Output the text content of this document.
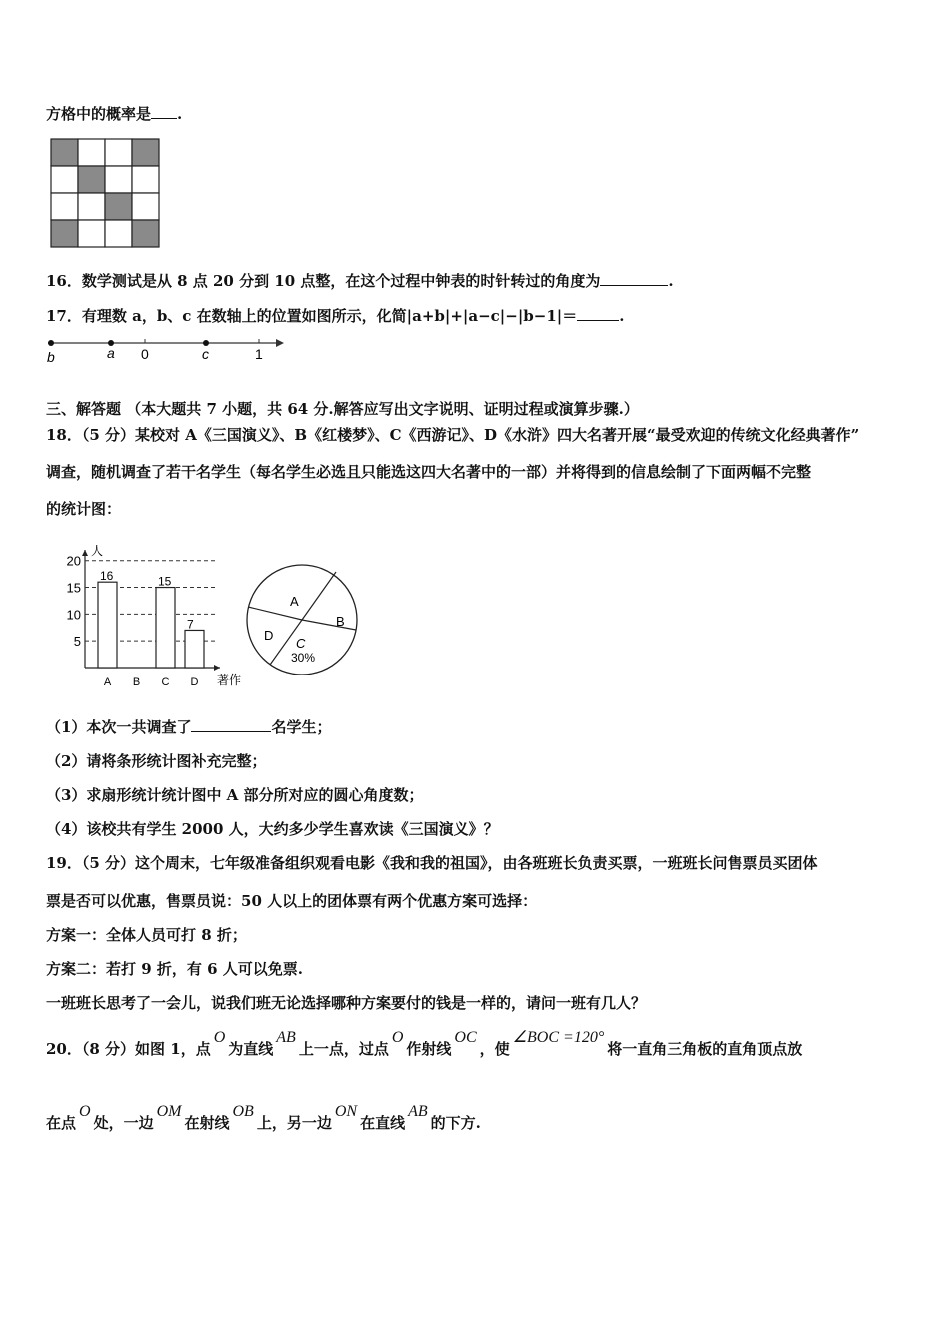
方格中的概率是 .
16．数学测试是从 8 点 20 分到 10 点整，在这个过程中钟表的时针转过的角度为	.
17．有理数 a，b、c 在数轴上的位置如图所示，化简|a+b|+|a−c|−|b−1|＝	.
b	a 0	c	1
三、解答题 （本大题共 7 小题，共 64 分.解答应写出文字说明、证明过程或演算步骤.）
18．（5 分）某校对 A《三国演义》、B《红楼梦》、C《西游记》、D《水浒》四大名著开展“最受欢迎的传统文化经典著作”
调查，随机调查了若干名学生（每名学生必选且只能选这四大名著中的一部）并将得到的信息绘制了下面两幅不完整
的统计图：
5
10
15
20
16
A B
15
C
7
D
人
著作
A
B
C
30%
D
（1）本次一共调查了	名学生；
（2）请将条形统计图补充完整；
（3）求扇形统计统计图中 A 部分所对应的圆心角度数；
（4）该校共有学生 2000 人，大约多少学生喜欢读《三国演义》？
19．（5 分）这个周末，七年级准备组织观看电影《我和我的祖国》，由各班班长负责买票，一班班长问售票员买团体
票是否可以优惠，售票员说：50 人以上的团体票有两个优惠方案可选择：
方案一：全体人员可打 8 折；
方案二：若打 9 折，有 6 人可以免票.
一班班长思考了一会儿，说我们班无论选择哪种方案要付的钱是一样的，请问一班有几人？
20．（8 分）如图 1，点O为直线AB上一点，过点O作射线OC，使∠BOC =120°将一直角三角板的直角顶点放
在点O处，一边OM在射线OB上，另一边ON在直线AB的下方.
